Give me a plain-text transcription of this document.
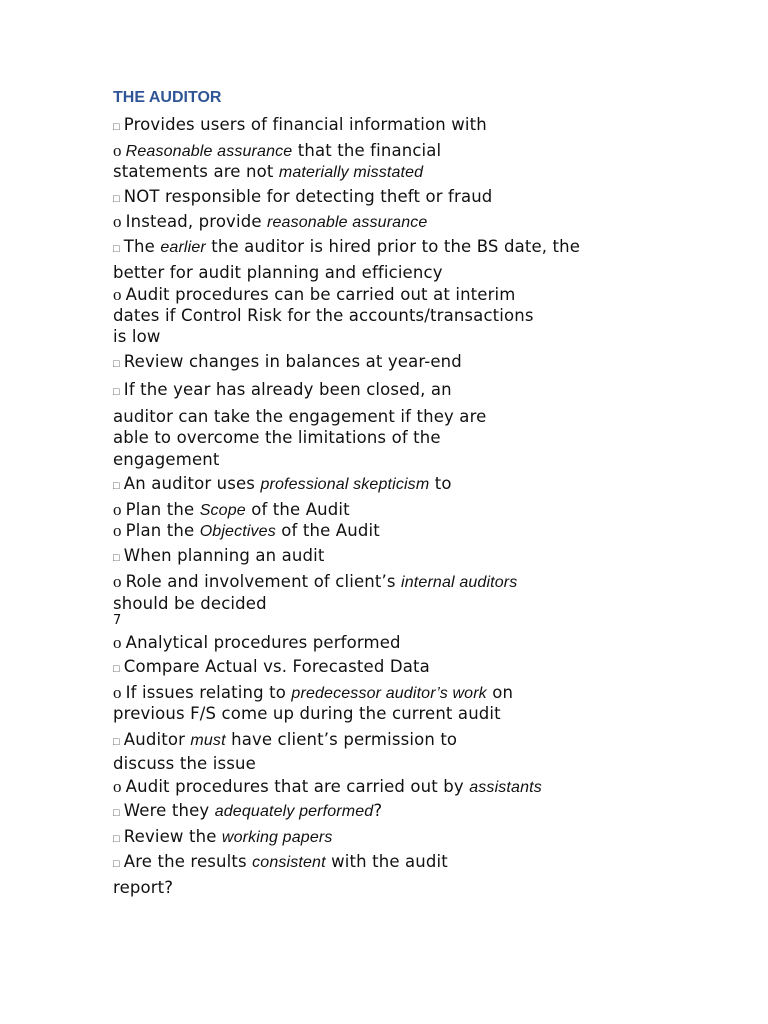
THE AUDITOR
□ Provides users of financial information with
o Reasonable assurance that the financial
statements are not materially misstated
□ NOT responsible for detecting theft or fraud
o Instead, provide reasonable assurance
□ The earlier the auditor is hired prior to the BS date, the
better for audit planning and efficiency
o Audit procedures can be carried out at interim
dates if Control Risk for the accounts/transactions
is low
□ Review changes in balances at year-end
□ If the year has already been closed, an
auditor can take the engagement if they are
able to overcome the limitations of the
engagement
□ An auditor uses professional skepticism to
o Plan the Scope of the Audit
o Plan the Objectives of the Audit
□ When planning an audit
o Role and involvement of client’s internal auditors
should be decided
o Analytical procedures performed
□ Compare Actual vs. Forecasted Data
o If issues relating to predecessor auditor’s work on
previous F/S come up during the current audit
□ Auditor must have client’s permission to
discuss the issue
o Audit procedures that are carried out by assistants
□ Were they adequately performed?
□ Review the working papers
□ Are the results consistent with the audit
report?
7
